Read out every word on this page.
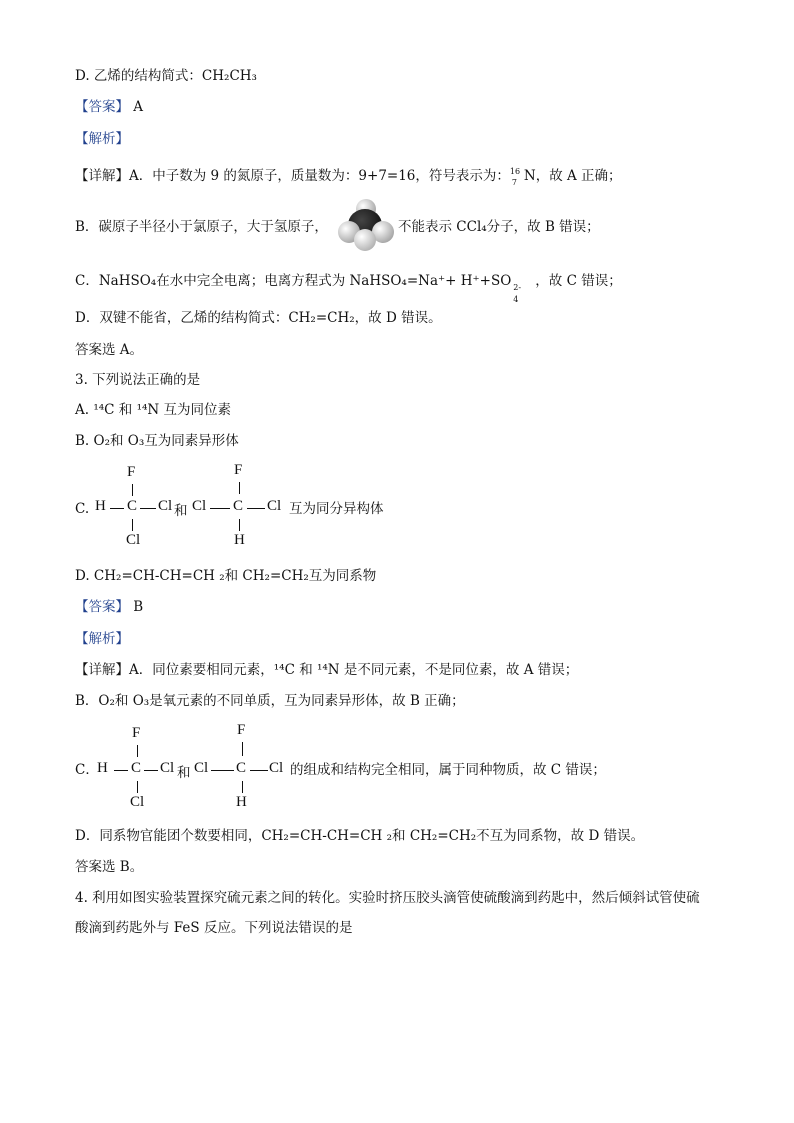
D. 乙烯的结构简式：CH₂CH₃
【答案】 A
【解析】
【详解】A．中子数为 9 的氮原子，质量数为：9+7=16，符号表示为： 16
7 N，故 A 正确；
B．碳原子半径小于氯原子，大于氢原子，	不能表示 CCl₄分子，故 B 错误；
C．NaHSO₄在水中完全电离；电离方程式为 NaHSO₄=Na⁺+ H⁺+SO 2-
4
，故 C 错误；
D．双键不能省，乙烯的结构简式：CH₂=CH₂，故 D 错误。
答案选 A。
3. 下列说法正确的是
A. ¹⁴C 和 ¹⁴N 互为同位素
B. O₂和 O₃互为同素异形体
C.
F
H C Cl 和
Cl
F
Cl C Cl
H
互为同分异构体
D. CH₂=CH-CH=CH ₂和 CH₂=CH₂互为同系物
【答案】 B
【解析】
【详解】A．同位素要相同元素，¹⁴C 和 ¹⁴N 是不同元素，不是同位素，故 A 错误；
B．O₂和 O₃是氧元素的不同单质，互为同素异形体，故 B 正确；
C．
F
H C Cl 和
Cl
F
Cl C Cl
H
的组成和结构完全相同，属于同种物质，故 C 错误；
D．同系物官能团个数要相同，CH₂=CH-CH=CH ₂和 CH₂=CH₂不互为同系物，故 D 错误。
答案选 B。
4. 利用如图实验装置探究硫元素之间的转化。实验时挤压胶头滴管使硫酸滴到药匙中，然后倾斜试管使硫
酸滴到药匙外与 FeS 反应。下列说法错误的是
